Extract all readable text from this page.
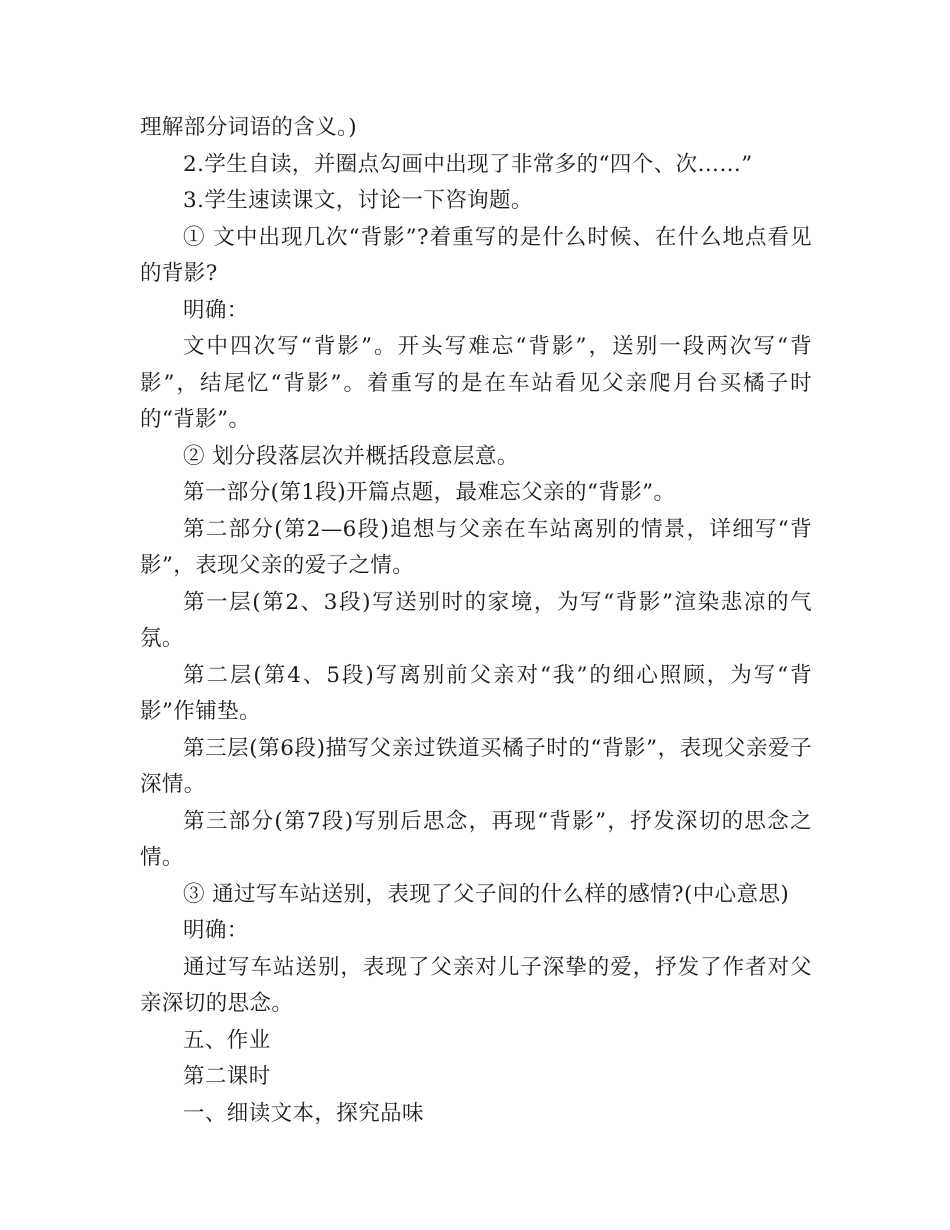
理解部分词语的含义。)

2.学生自读，并圈点勾画中出现了非常多的“四个、次……”

3.学生速读课文，讨论一下咨询题。

① 文中出现几次“背影”?着重写的是什么时候、在什么地点看见的背影?

明确：

文中四次写“背影”。开头写难忘“背影”，送别一段两次写“背影”，结尾忆“背影”。着重写的是在车站看见父亲爬月台买橘子时的“背影”。

② 划分段落层次并概括段意层意。

第一部分(第1段)开篇点题，最难忘父亲的“背影”。

第二部分(第2—6段)追想与父亲在车站离别的情景，详细写“背影”，表现父亲的爱子之情。

第一层(第2、3段)写送别时的家境，为写“背影”渲染悲凉的气氛。

第二层(第4、5段)写离别前父亲对“我”的细心照顾，为写“背影”作铺垫。

第三层(第6段)描写父亲过铁道买橘子时的“背影”，表现父亲爱子深情。

第三部分(第7段)写别后思念，再现“背影”，抒发深切的思念之情。

③ 通过写车站送别，表现了父子间的什么样的感情?(中心意思)

明确：

通过写车站送别，表现了父亲对儿子深挚的爱，抒发了作者对父亲深切的思念。

五、作业

第二课时

一、细读文本，探究品味
